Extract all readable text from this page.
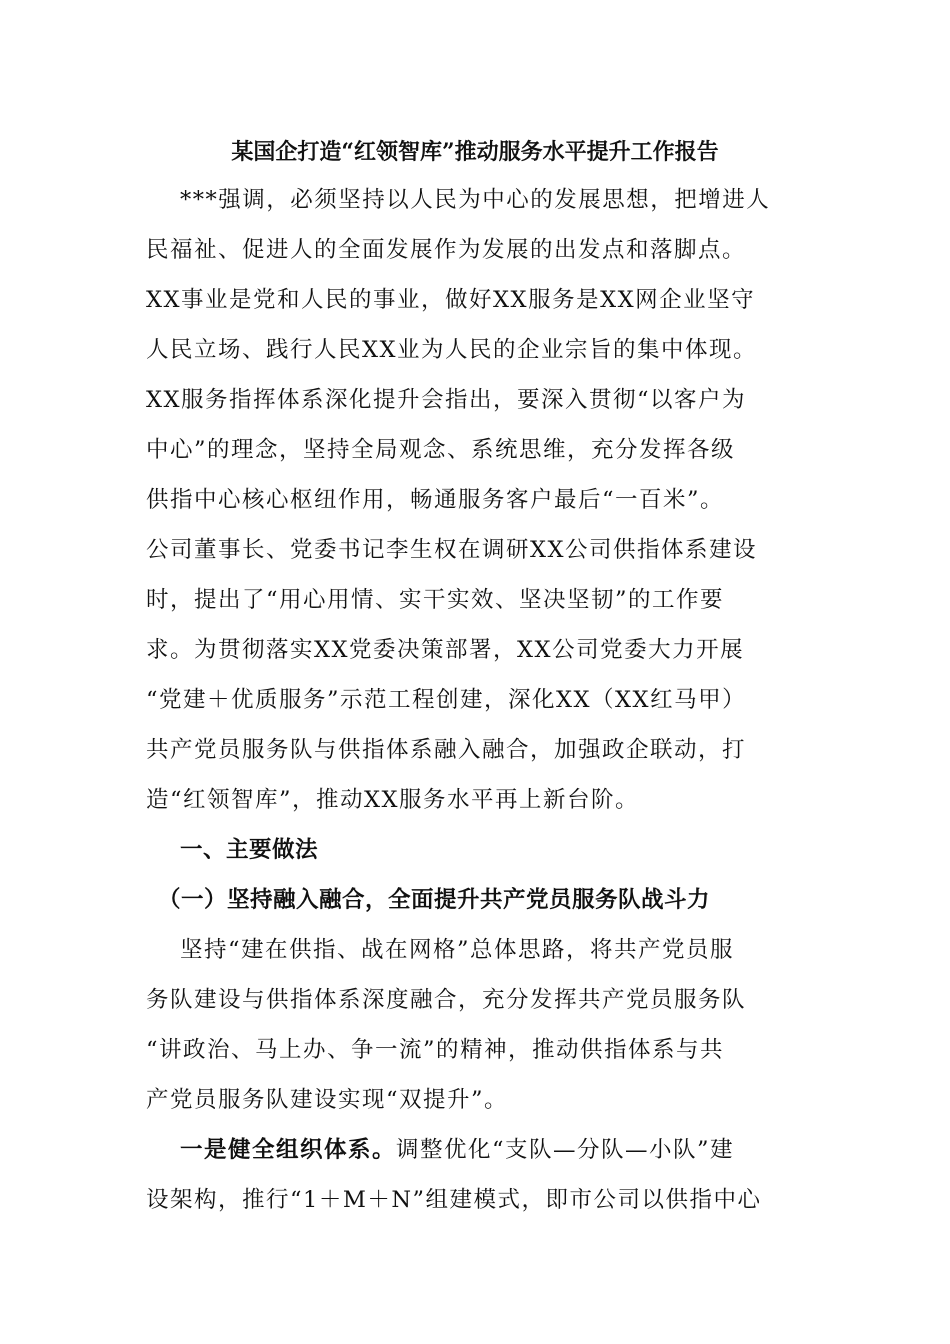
某国企打造“红领智库”推动服务水平提升工作报告
***强调，必须坚持以人民为中心的发展思想，把增进人
民福祉、促进人的全面发展作为发展的出发点和落脚点。
XX事业是党和人民的事业，做好XX服务是XX网企业坚守
人民立场、践行人民XX业为人民的企业宗旨的集中体现。
XX服务指挥体系深化提升会指出，要深入贯彻“以客户为
中心”的理念，坚持全局观念、系统思维，充分发挥各级
供指中心核心枢纽作用，畅通服务客户最后“一百米”。
公司董事长、党委书记李生权在调研XX公司供指体系建设
时，提出了“用心用情、实干实效、坚决坚韧”的工作要
求。为贯彻落实XX党委决策部署，XX公司党委大力开展
“党建＋优质服务”示范工程创建，深化XX（XX红马甲）
共产党员服务队与供指体系融入融合，加强政企联动，打
造“红领智库”，推动XX服务水平再上新台阶。
一、主要做法
（一）坚持融入融合，全面提升共产党员服务队战斗力
坚持“建在供指、战在网格”总体思路，将共产党员服
务队建设与供指体系深度融合，充分发挥共产党员服务队
“讲政治、马上办、争一流”的精神，推动供指体系与共
产党员服务队建设实现“双提升”。
一是健全组织体系。调整优化“支队—分队—小队”建
设架构，推行“1＋M＋N”组建模式，即市公司以供指中心
